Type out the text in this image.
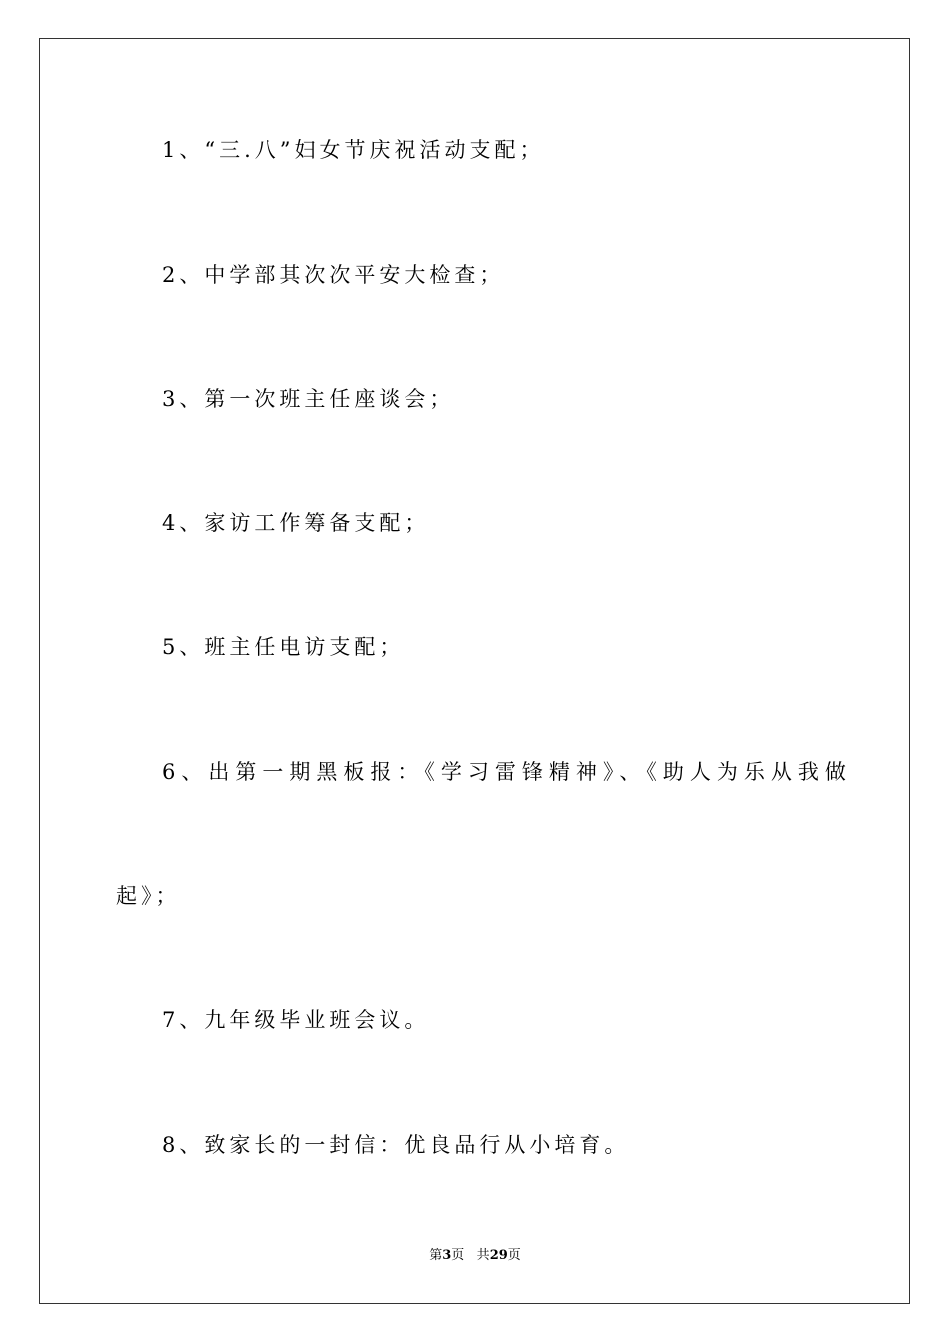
1、“三.八”妇女节庆祝活动支配；
2、中学部其次次平安大检查；
3、第一次班主任座谈会；
4、家访工作筹备支配；
5、班主任电访支配；
6、出第一期黑板报：《学习雷锋精神》、《助人为乐从我做
起》；
7、九年级毕业班会议。
8、致家长的一封信：优良品行从小培育。
第3页 共29页
